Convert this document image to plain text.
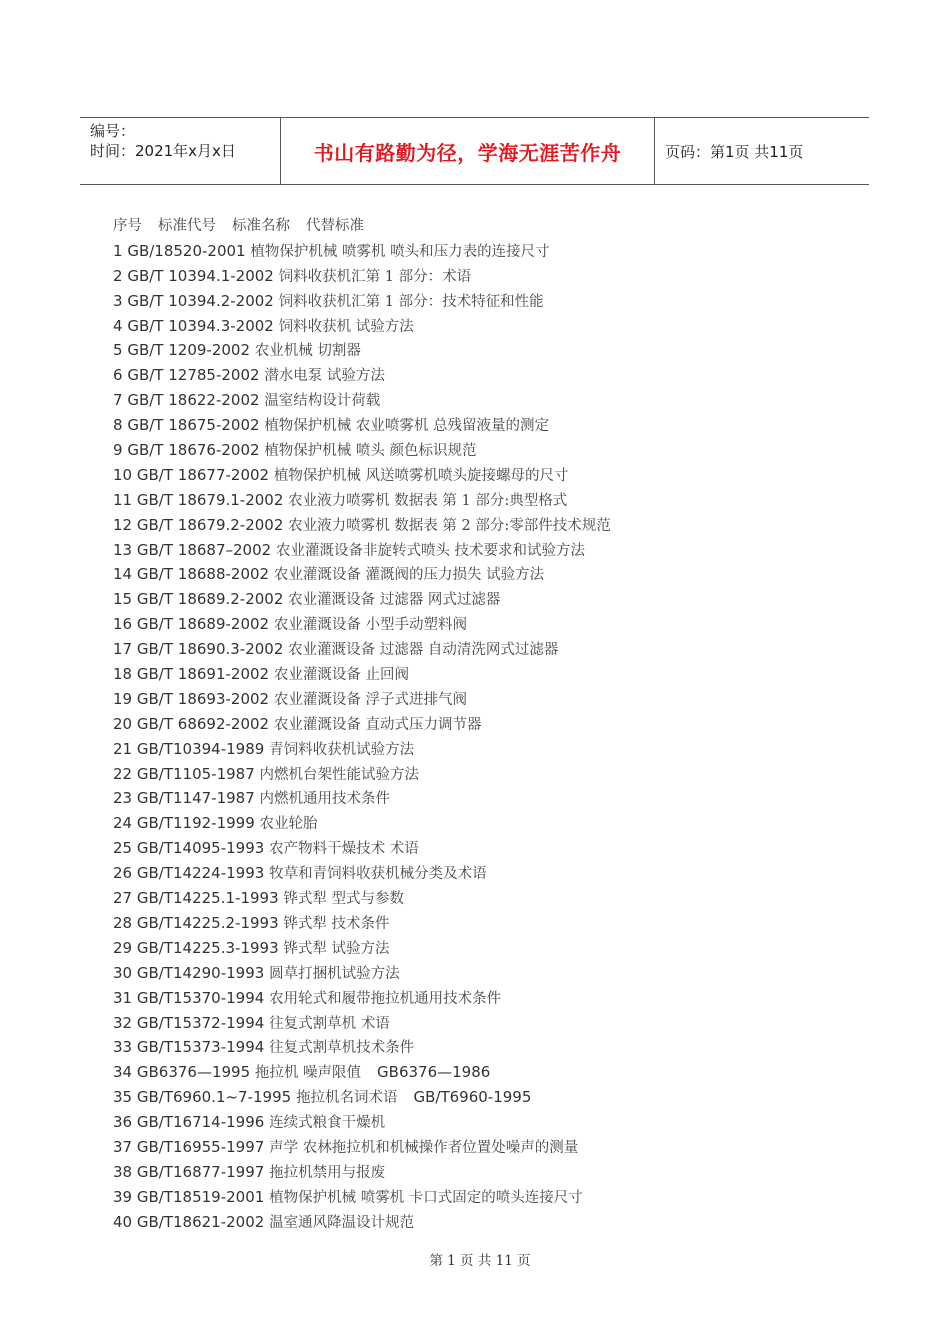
编号：
时间：2021年x月x日	书山有路勤为径，学海无涯苦作舟	页码：第1页 共11页
序号 标准代号 标准名称 代替标准
1 GB/18520-2001 植物保护机械 喷雾机 喷头和压力表的连接尺寸
2 GB/T 10394.1-2002 饲料收获机汇第 1 部分：术语
3 GB/T 10394.2-2002 饲料收获机汇第 1 部分：技术特征和性能
4 GB/T 10394.3-2002 饲料收获机 试验方法
5 GB/T 1209-2002 农业机械 切割器
6 GB/T 12785-2002 潜水电泵 试验方法
7 GB/T 18622-2002 温室结构设计荷载
8 GB/T 18675-2002 植物保护机械 农业喷雾机 总残留液量的测定
9 GB/T 18676-2002 植物保护机械 喷头 颜色标识规范
10 GB/T 18677-2002 植物保护机械 风送喷雾机喷头旋接螺母的尺寸
11 GB/T 18679.1-2002 农业液力喷雾机 数据表 第 1 部分:典型格式
12 GB/T 18679.2-2002 农业液力喷雾机 数据表 第 2 部分:零部件技术规范
13 GB/T 18687–2002 农业灌溉设备非旋转式喷头 技术要求和试验方法
14 GB/T 18688-2002 农业灌溉设备 灌溉阀的压力损失 试验方法
15 GB/T 18689.2-2002 农业灌溉设备 过滤器 网式过滤器
16 GB/T 18689-2002 农业灌溉设备 小型手动塑料阀
17 GB/T 18690.3-2002 农业灌溉设备 过滤器 自动清洗网式过滤器
18 GB/T 18691-2002 农业灌溉设备 止回阀
19 GB/T 18693-2002 农业灌溉设备 浮子式进排气阀
20 GB/T 68692-2002 农业灌溉设备 直动式压力调节器
21 GB/T10394-1989 青饲料收获机试验方法
22 GB/T1105-1987 内燃机台架性能试验方法
23 GB/T1147-1987 内燃机通用技术条件
24 GB/T1192-1999 农业轮胎
25 GB/T14095-1993 农产物料干燥技术 术语
26 GB/T14224-1993 牧草和青饲料收获机械分类及术语
27 GB/T14225.1-1993 铧式犁 型式与参数
28 GB/T14225.2-1993 铧式犁 技术条件
29 GB/T14225.3-1993 铧式犁 试验方法
30 GB/T14290-1993 圆草打捆机试验方法
31 GB/T15370-1994 农用轮式和履带拖拉机通用技术条件
32 GB/T15372-1994 往复式割草机 术语
33 GB/T15373-1994 往复式割草机技术条件
34 GB6376—1995 拖拉机 噪声限值 GB6376—1986
35 GB/T6960.1~7-1995 拖拉机名词术语 GB/T6960-1995
36 GB/T16714-1996 连续式粮食干燥机
37 GB/T16955-1997 声学 农林拖拉机和机械操作者位置处噪声的测量
38 GB/T16877-1997 拖拉机禁用与报废
39 GB/T18519-2001 植物保护机械 喷雾机 卡口式固定的喷头连接尺寸
40 GB/T18621-2002 温室通风降温设计规范
第 1 页 共 11 页
